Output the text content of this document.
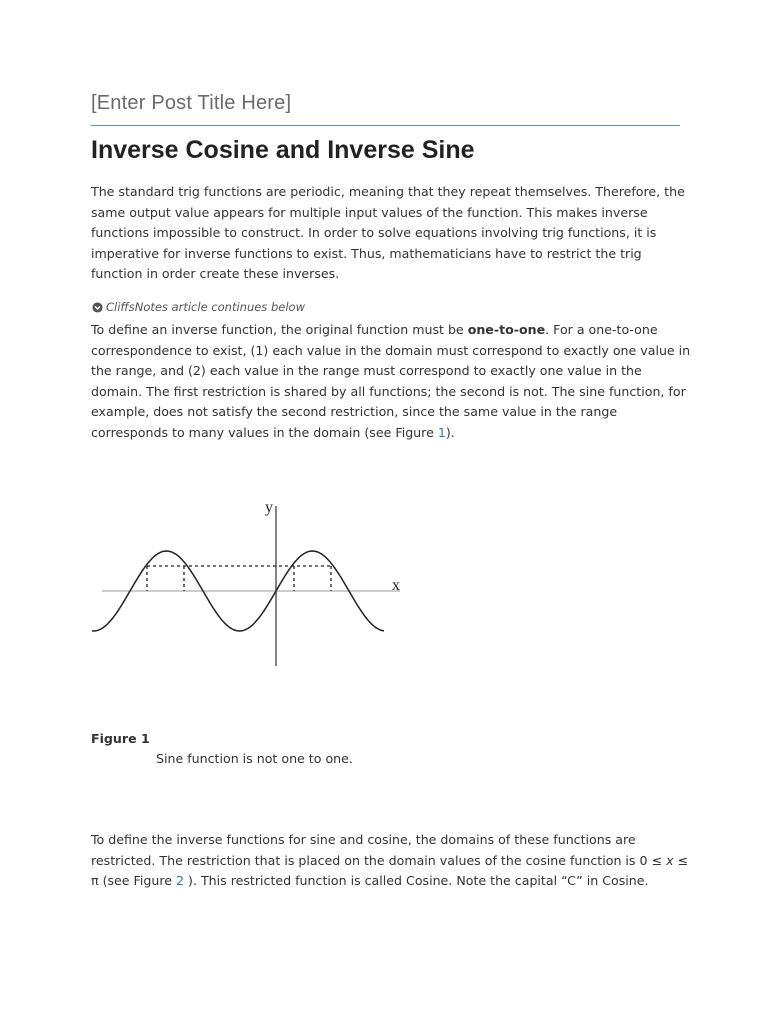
[Enter Post Title Here]
Inverse Cosine and Inverse Sine

The standard trig functions are periodic, meaning that they repeat themselves. Therefore, the same output value appears for multiple input values of the function. This makes inverse functions impossible to construct. In order to solve equations involving trig functions, it is imperative for inverse functions to exist. Thus, mathematicians have to restrict the trig function in order create these inverses.

CliffsNotes article continues below

To define an inverse function, the original function must be one-to-one. For a one-to-one correspondence to exist, (1) each value in the domain must correspond to exactly one value in the range, and (2) each value in the range must correspond to exactly one value in the domain. The first restriction is shared by all functions; the second is not. The sine function, for example, does not satisfy the second restriction, since the same value in the range corresponds to many values in the domain (see Figure 1).

y
x
Figure 1
Sine function is not one to one.

To define the inverse functions for sine and cosine, the domains of these functions are restricted. The restriction that is placed on the domain values of the cosine function is 0 ≤ x ≤ π (see Figure 2 ). This restricted function is called Cosine. Note the capital “C” in Cosine.
